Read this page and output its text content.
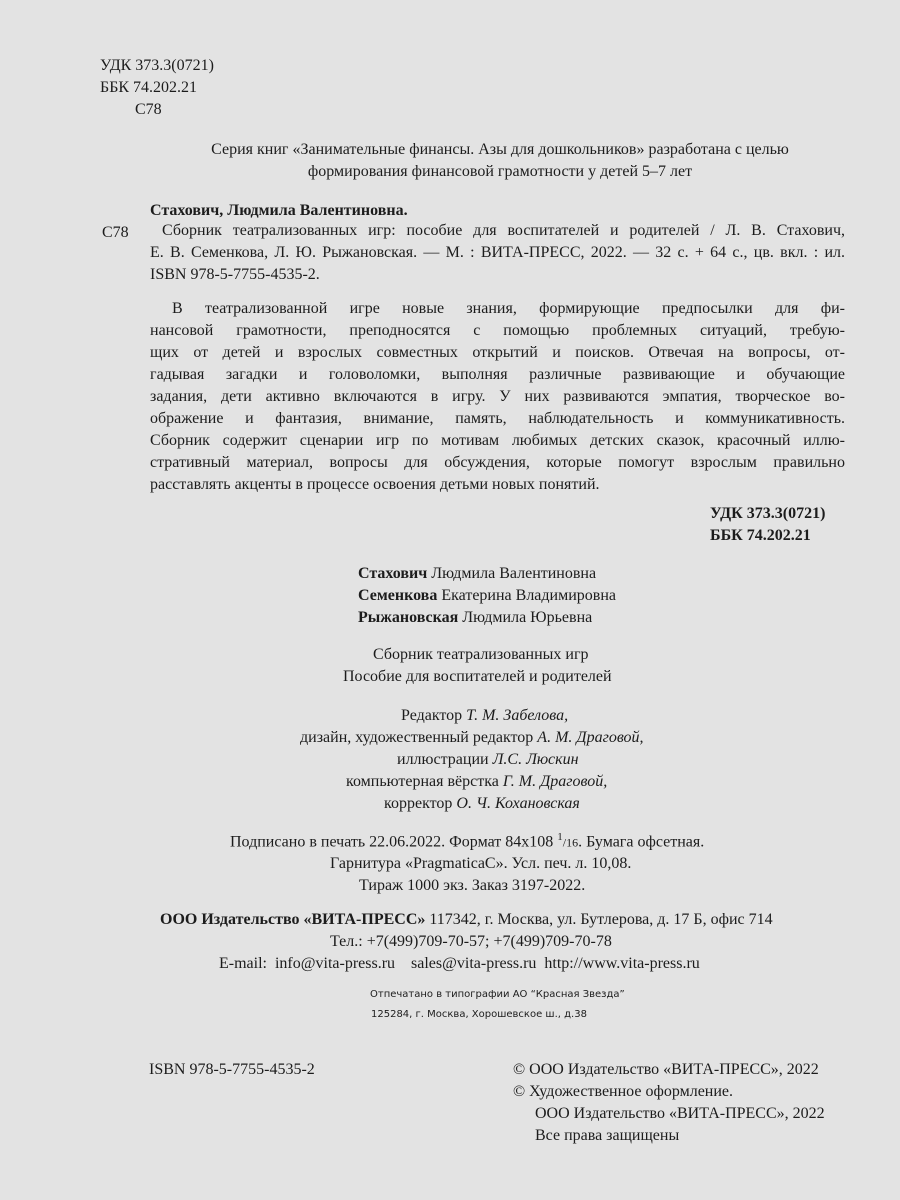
УДК 373.3(0721)
ББК 74.202.21
С78
Серия книг «Занимательные финансы. Азы для дошкольников» разработана с целью
формирования финансовой грамотности у детей 5–7 лет
Стахович, Людмила Валентиновна.
С78	Сборник театрализованных игр: пособие для воспитателей и родителей / Л. В. Стахович,
Е. В. Семенкова, Л. Ю. Рыжановская. — М. : ВИТА-ПРЕСС, 2022. — 32 с. + 64 с., цв. вкл. : ил.
ISBN 978-5-7755-4535-2.
В театрализованной игре новые знания, формирующие предпосылки для фи-
нансовой грамотности, преподносятся с помощью проблемных ситуаций, требую-
щих от детей и взрослых совместных открытий и поисков. Отвечая на вопросы, от-
гадывая загадки и головоломки, выполняя различные развивающие и обучающие
задания, дети активно включаются в игру. У них развиваются эмпатия, творческое во-
ображение и фантазия, внимание, память, наблюдательность и коммуникативность.
Сборник содержит сценарии игр по мотивам любимых детских сказок, красочный иллю-
стративный материал, вопросы для обсуждения, которые помогут взрослым правильно
расставлять акценты в процессе освоения детьми новых понятий.
УДК 373.3(0721)
ББК 74.202.21
Стахович Людмила Валентиновна
Семенкова Екатерина Владимировна
Рыжановская Людмила Юрьевна
Сборник театрализованных игр
Пособие для воспитателей и родителей
Редактор Т. М. Забелова,
дизайн, художественный редактор А. М. Драговой,
иллюстрации Л.С. Люскин
компьютерная вёрстка Г. М. Драговой,
корректор О. Ч. Кохановская
Подписано в печать 22.06.2022. Формат 84х108 $^1$/16. Бумага офсетная.
Гарнитура «PragmaticaC». Усл. печ. л. 10,08.
Тираж 1000 экз. Заказ 3197-2022.
ООО Издательство «ВИТА-ПРЕСС» 117342, г. Москва, ул. Бутлерова, д. 17 Б, офис 714
Тел.: +7(499)709-70-57; +7(499)709-70-78
E-mail: info@vita-press.ru sales@vita-press.ru http://www.vita-press.ru
Отпечатано в типографии АО “Красная Звезда”
125284, г. Москва, Хорошевское ш., д.38
ISBN 978-5-7755-4535-2	© ООО Издательство «ВИТА-ПРЕСС», 2022
© Художественное оформление.
ООО Издательство «ВИТА-ПРЕСС», 2022
Все права защищены
